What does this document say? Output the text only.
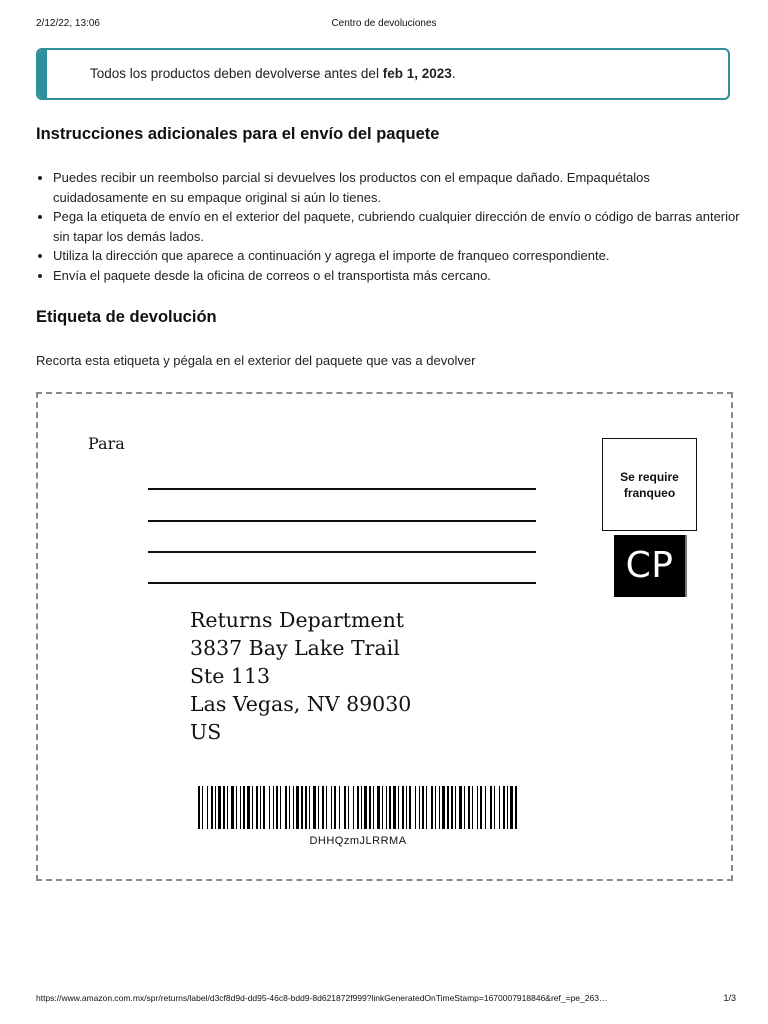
2/12/22, 13:06	Centro de devoluciones
Todos los productos deben devolverse antes del feb 1, 2023.
Instrucciones adicionales para el envío del paquete
• Puedes recibir un reembolso parcial si devuelves los productos con el empaque dañado. Empaquétalos cuidadosamente en su empaque original si aún lo tienes.
• Pega la etiqueta de envío en el exterior del paquete, cubriendo cualquier dirección de envío o código de barras anterior sin tapar los demás lados.
• Utiliza la dirección que aparece a continuación y agrega el importe de franqueo correspondiente.
• Envía el paquete desde la oficina de correos o el transportista más cercano.
Etiqueta de devolución
Recorta esta etiqueta y pégala en el exterior del paquete que vas a devolver
Para
Se require franqueo
CP
Returns Department
3837 Bay Lake Trail
Ste 113
Las Vegas, NV 89030
US
DHHQzmJLRRMA
https://www.amazon.com.mx/spr/returns/label/d3cf8d9d-dd95-46c8-bdd9-8d621872f999?linkGeneratedOnTimeStamp=1670007918846&ref_=pe_263…	1/3
